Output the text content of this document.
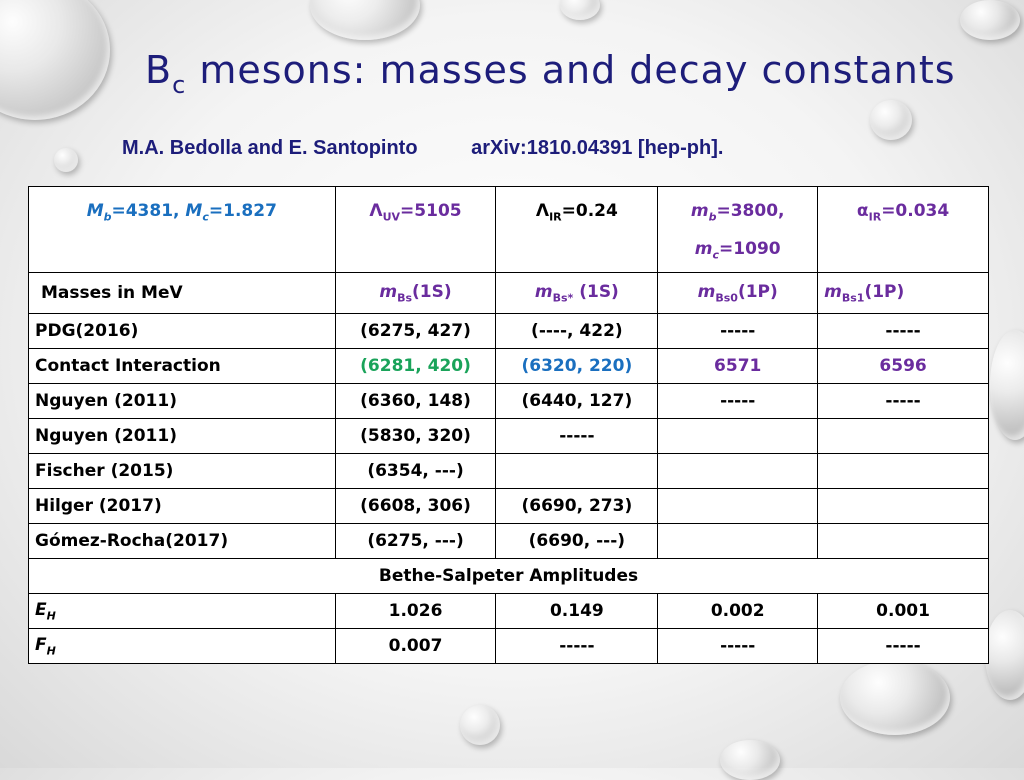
$B_c$ mesons: masses and decay constants
M.A. Bedolla and E. Santopinto	arXiv:1810.04391 [hep-ph].
$M_b=4381$, $M_c=1.827$	$\Lambda_{UV}=5105$	$\Lambda_{IR}=0.24$	$m_b=3800$,
$m_c=1090$	$\alpha_{IR}=0.034$
Masses in MeV	$m_{Bs}(1S)$	$m_{Bs*}$ (1S)	$m_{Bs0}(1P)$	$m_{Bs1}(1P)$
PDG(2016)	(6275, 427)	(----, 422)	-----	-----
Contact Interaction	(6281, 420)	(6320, 220)	6571	6596
Nguyen (2011)	(6360, 148)	(6440, 127)	-----	-----
Nguyen (2011)	(5830, 320)	-----		
Fischer (2015)	(6354, ---)			
Hilger (2017)	(6608, 306)	(6690, 273)		
Gómez-Rocha(2017)	(6275, ---)	(6690, ---)		
Bethe-Salpeter Amplitudes				
$E_H$	1.026	0.149	0.002	0.001
$F_H$	0.007	-----	-----	-----
